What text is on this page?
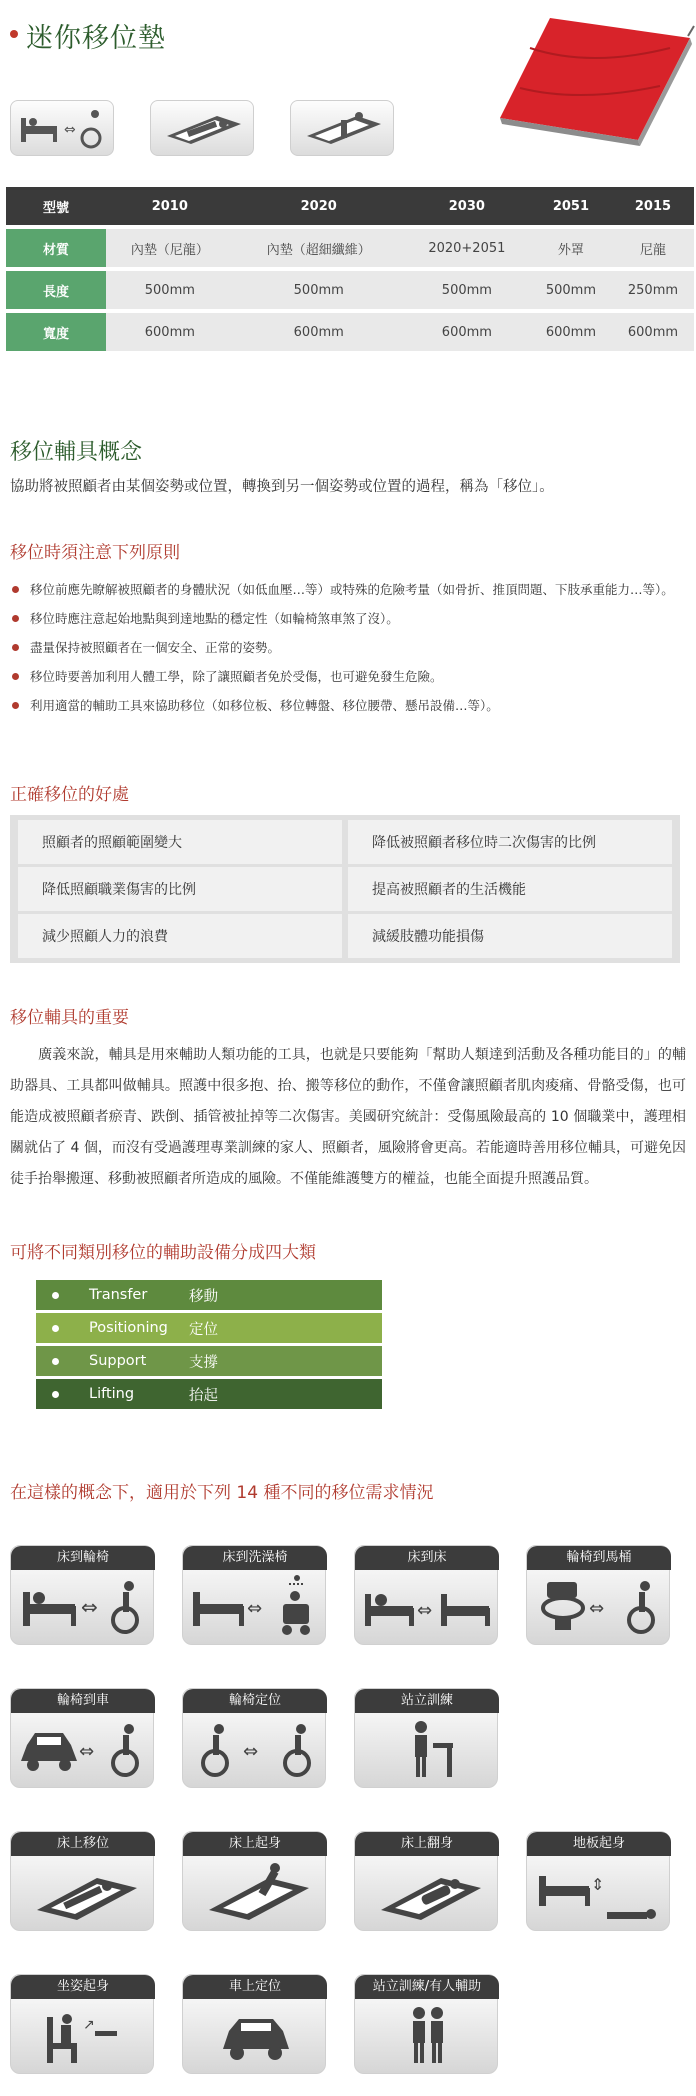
迷你移位墊
⇔
型號	2010	2020	2030	2051	2015
材質	內墊（尼龍）	內墊（超細纖維）	2020+2051	外罩	尼龍
長度	500mm	500mm	500mm	500mm	250mm
寬度	600mm	600mm	600mm	600mm	600mm
移位輔具概念
協助將被照顧者由某個姿勢或位置，轉換到另一個姿勢或位置的過程，稱為「移位」。
移位時須注意下列原則
移位前應先瞭解被照顧者的身體狀況（如低血壓…等）或特殊的危險考量（如骨折、推頂問題、下肢承重能力…等）。
移位時應注意起始地點與到達地點的穩定性（如輪椅煞車煞了沒）。
盡量保持被照顧者在一個安全、正常的姿勢。
移位時要善加利用人體工學，除了讓照顧者免於受傷，也可避免發生危險。
利用適當的輔助工具來協助移位（如移位板、移位轉盤、移位腰帶、懸吊設備…等）。
正確移位的好處
照顧者的照顧範圍變大	降低被照顧者移位時二次傷害的比例
降低照顧職業傷害的比例	提高被照顧者的生活機能
減少照顧人力的浪費	減緩肢體功能損傷
移位輔具的重要
　　廣義來說，輔具是用來輔助人類功能的工具，也就是只要能夠「幫助人類達到活動及各種功能目的」的輔助器具、工具都叫做輔具。照護中很多抱、抬、搬等移位的動作，不僅會讓照顧者肌肉痠痛、骨骼受傷，也可能造成被照顧者瘀青、跌倒、插管被扯掉等二次傷害。美國研究統計：受傷風險最高的 10 個職業中，護理相關就佔了 4 個，而沒有受過護理專業訓練的家人、照顧者，風險將會更高。若能適時善用移位輔具，可避免因徒手抬舉搬運、移動被照顧者所造成的風險。不僅能維護雙方的權益，也能全面提升照護品質。
可將不同類別移位的輔助設備分成四大類
Transfer	移動
Positioning	定位
Support	支撐
Lifting	抬起
在這樣的概念下，適用於下列 14 種不同的移位需求情況
床到輪椅
⇔
床到洗澡椅
⇔
床到床
⇔
輪椅到馬桶
⇔
輪椅到車
⇔
輪椅定位
⇔
站立訓練
床上移位	床上起身	床上翻身	地板起身
⇕
坐姿起身
↗
車上定位	站立訓練/有人輔助
